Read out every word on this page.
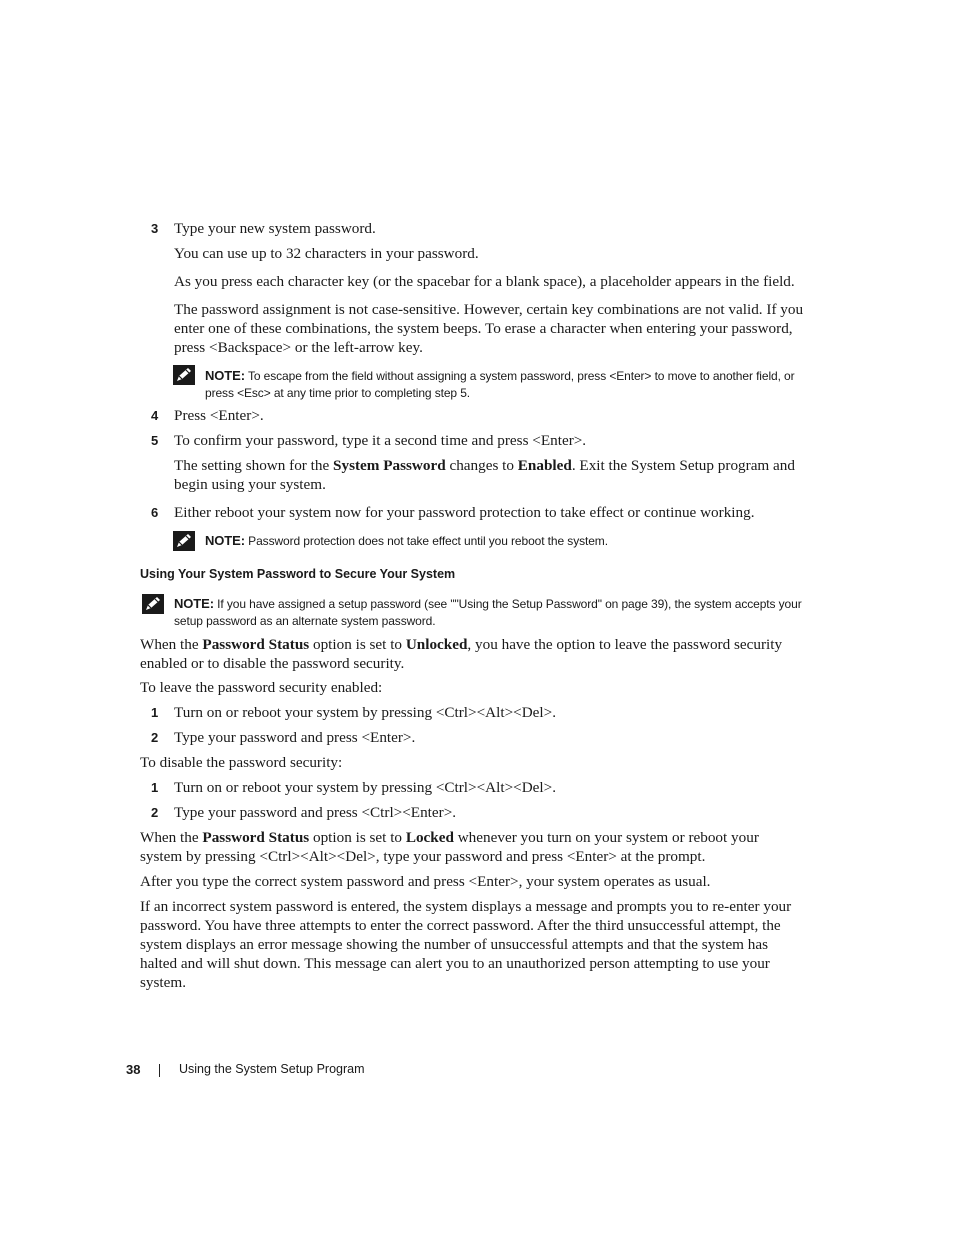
3	Type your new system password.
You can use up to 32 characters in your password.
As you press each character key (or the spacebar for a blank space), a placeholder appears in the field.
The password assignment is not case-sensitive. However, certain key combinations are not valid. If you enter one of these combinations, the system beeps. To erase a character when entering your password, press <Backspace> or the left-arrow key.
NOTE: To escape from the field without assigning a system password, press <Enter> to move to another field, or press <Esc> at any time prior to completing step 5.
4	Press <Enter>.
5	To confirm your password, type it a second time and press <Enter>.
The setting shown for the System Password changes to Enabled. Exit the System Setup program and begin using your system.
6	Either reboot your system now for your password protection to take effect or continue working.
NOTE: Password protection does not take effect until you reboot the system.
Using Your System Password to Secure Your System
NOTE: If you have assigned a setup password (see ""Using the Setup Password" on page 39), the system accepts your setup password as an alternate system password.
When the Password Status option is set to Unlocked, you have the option to leave the password security enabled or to disable the password security.
To leave the password security enabled:
1	Turn on or reboot your system by pressing <Ctrl><Alt><Del>.
2	Type your password and press <Enter>.
To disable the password security:
1	Turn on or reboot your system by pressing <Ctrl><Alt><Del>.
2	Type your password and press <Ctrl><Enter>.
When the Password Status option is set to Locked whenever you turn on your system or reboot your system by pressing <Ctrl><Alt><Del>, type your password and press <Enter> at the prompt.
After you type the correct system password and press <Enter>, your system operates as usual.
If an incorrect system password is entered, the system displays a message and prompts you to re-enter your password. You have three attempts to enter the correct password. After the third unsuccessful attempt, the system displays an error message showing the number of unsuccessful attempts and that the system has halted and will shut down. This message can alert you to an unauthorized person attempting to use your system.
38	Using the System Setup Program
